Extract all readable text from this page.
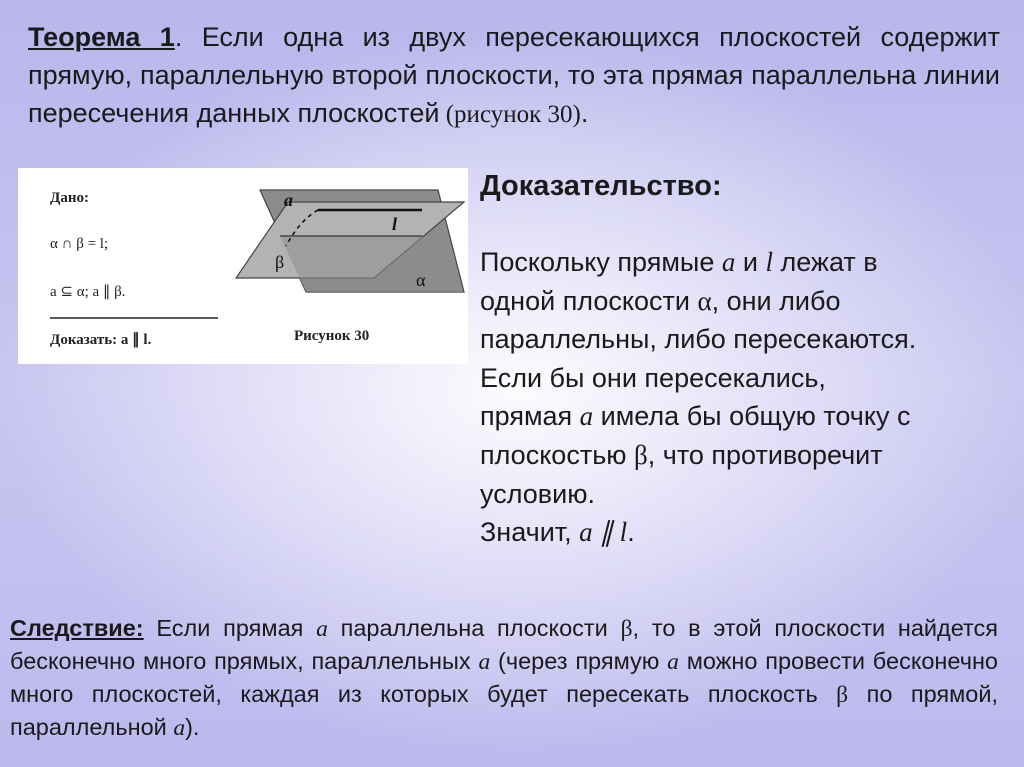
Теорема 1. Если одна из двух пересекающихся плоскостей содержит прямую, параллельную второй плоскости, то эта прямая параллельна линии пересечения данных плоскостей (рисунок 30).

Дано:
α ∩ β = l;
a ⊆ α; a ∥ β.
Доказать: a ∥ l.	Рисунок 30
a
l
β
α
Доказательство:

Поскольку прямые a и l лежат в

одной плоскости α, они либо

параллельны, либо пересекаются.

Если бы они пересекались,

прямая a имела бы общую точку с

плоскостью β, что противоречит

условию.

Значит, a ∥ l.

Следствие: Если прямая a параллельна плоскости β, то в этой плоскости найдется бесконечно много прямых, параллельных a (через прямую a можно провести бесконечно много плоскостей, каждая из которых будет пересекать плоскость β по прямой, параллельной a).
